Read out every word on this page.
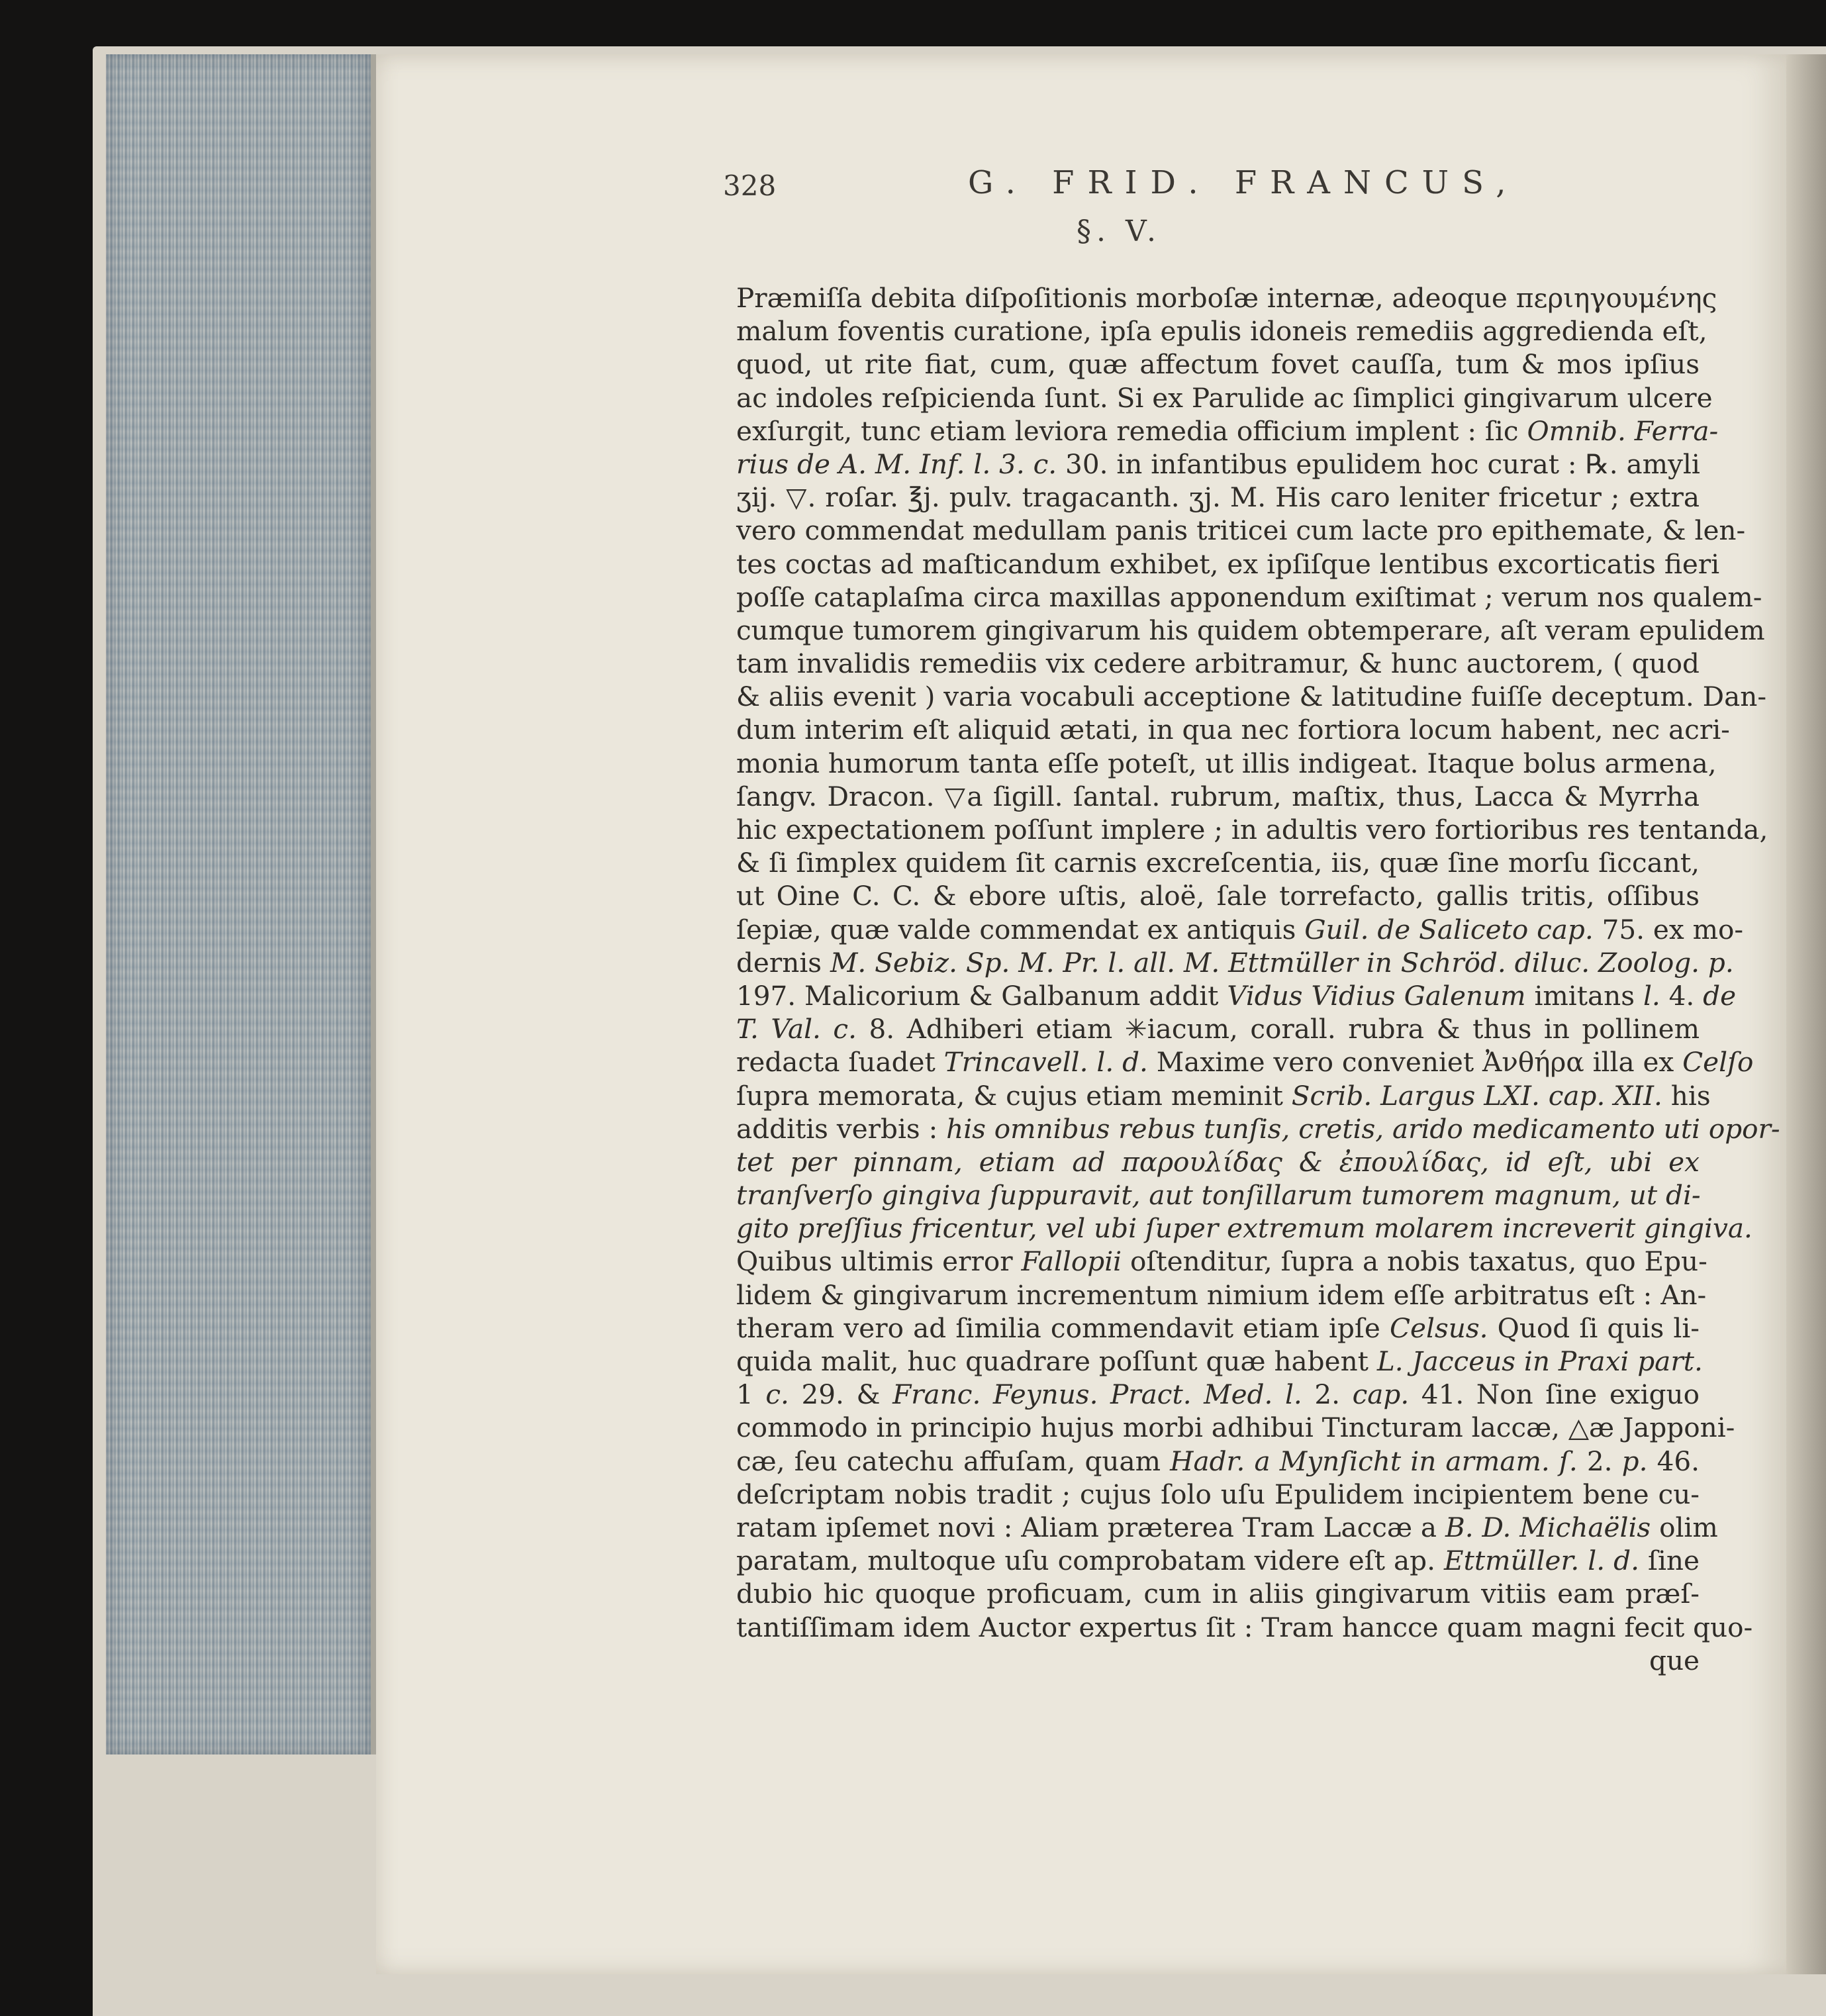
328	G. FRID. FRANCUS,
§. V.
Præmiſſa debita diſpoſitionis morboſæ internæ, adeoque περιηγουμένης
malum foventis curatione, ipſa epulis idoneis remediis aggredienda eſt,
quod, ut rite fiat, cum, quæ affectum fovet cauſſa, tum & mos ipſius
ac indoles reſpicienda ſunt. Si ex Parulide ac ſimplici gingivarum ulcere
exſurgit, tunc etiam leviora remedia officium implent : ſic Omnib. Ferra-
rius de A. M. Inf. l. 3. c. 30. in infantibus epulidem hoc curat : ℞. amyli
ʒij. ▽. roſar. ℥j. pulv. tragacanth. ʒj. M. His caro leniter fricetur ; extra
vero commendat medullam panis triticei cum lacte pro epithemate, & len-
tes coctas ad maſticandum exhibet, ex ipſiſque lentibus excorticatis fieri
poſſe cataplaſma circa maxillas apponendum exiſtimat ; verum nos qualem-
cumque tumorem gingivarum his quidem obtemperare, aſt veram epulidem
tam invalidis remediis vix cedere arbitramur, & hunc auctorem, ( quod
& aliis evenit ) varia vocabuli acceptione & latitudine fuiſſe deceptum. Dan-
dum interim eſt aliquid ætati, in qua nec fortiora locum habent, nec acri-
monia humorum tanta eſſe poteſt, ut illis indigeat. Itaque bolus armena,
ſangv. Dracon. ▽a ſigill. ſantal. rubrum, maſtix, thus, Lacca & Myrrha
hic expectationem poſſunt implere ; in adultis vero fortioribus res tentanda,
& ſi ſimplex quidem ſit carnis excreſcentia, iis, quæ ſine morſu ſiccant,
ut Oine C. C. & ebore uſtis, aloë, ſale torrefacto, gallis tritis, oſſibus
ſepiæ, quæ valde commendat ex antiquis Guil. de Saliceto cap. 75. ex mo-
dernis M. Sebiz. Sp. M. Pr. l. all. M. Ettmüller in Schröd. diluc. Zoolog. p.
197. Malicorium & Galbanum addit Vidus Vidius Galenum imitans l. 4. de
T. Val. c. 8. Adhiberi etiam ✳iacum, corall. rubra & thus in pollinem
redacta ſuadet Trincavell. l. d. Maxime vero conveniet Ἀνθήρα illa ex Celſo
ſupra memorata, & cujus etiam meminit Scrib. Largus LXI. cap. XII. his
additis verbis : his omnibus rebus tunſis, cretis, arido medicamento uti opor-
tet per pinnam, etiam ad παρουλίδας & ἐπουλίδας, id eſt, ubi ex
tranſverſo gingiva ſuppuravit, aut tonſillarum tumorem magnum, ut di-
gito preſſius fricentur, vel ubi ſuper extremum molarem increverit gingiva.
Quibus ultimis error Fallopii oſtenditur, ſupra a nobis taxatus, quo Epu-
lidem & gingivarum incrementum nimium idem eſſe arbitratus eſt : An-
theram vero ad ſimilia commendavit etiam ipſe Celsus. Quod ſi quis li-
quida malit, huc quadrare poſſunt quæ habent L. Jacceus in Praxi part.
1 c. 29. & Franc. Feynus. Pract. Med. l. 2. cap. 41. Non ſine exiguo
commodo in principio hujus morbi adhibui Tincturam laccæ, △æ Japponi-
cæ, ſeu catechu affuſam, quam Hadr. a Mynſicht in armam. ſ. 2. p. 46.
deſcriptam nobis tradit ; cujus ſolo uſu Epulidem incipientem bene cu-
ratam ipſemet novi : Aliam præterea Tram Laccæ a B. D. Michaëlis olim
paratam, multoque uſu comprobatam videre eſt ap. Ettmüller. l. d. ſine
dubio hic quoque proficuam, cum in aliis gingivarum vitiis eam præſ-
tantiſſimam idem Auctor expertus ſit : Tram hancce quam magni fecit quo-
que
